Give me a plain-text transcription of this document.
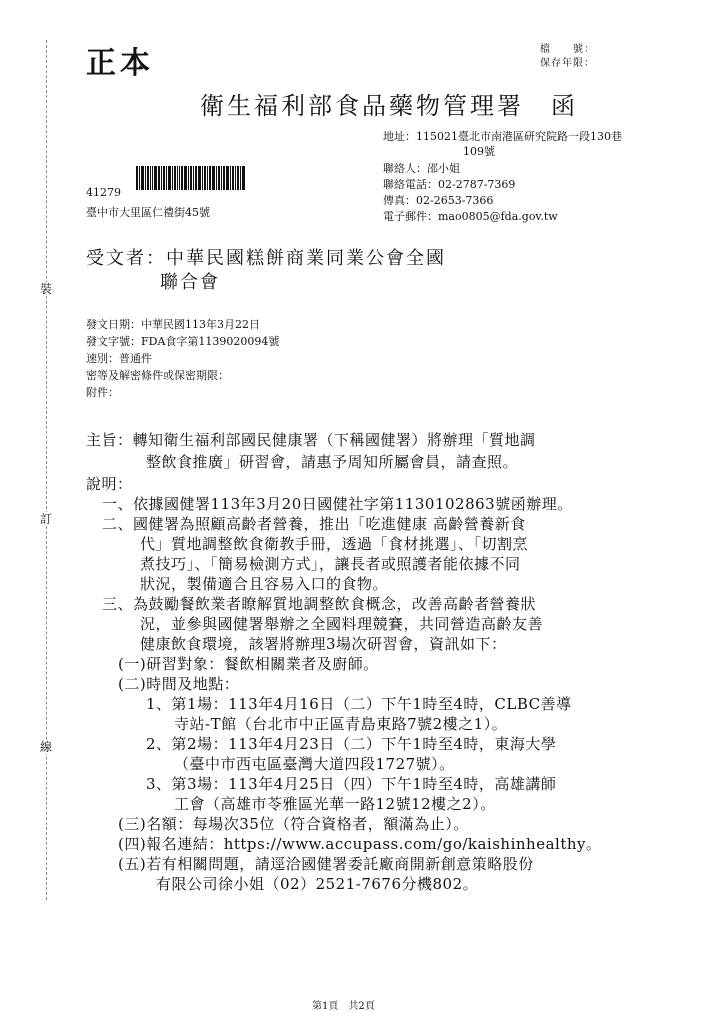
裝
訂
線
正本	檔　　號：
保存年限：
衛生福利部食品藥物管理署　函
地址：115021臺北市南港區研究院路一段130巷
109號
聯絡人：邵小姐
聯絡電話：02-2787-7369
傳真：02-2653-7366
電子郵件：mao0805@fda.gov.tw
41279
臺中市大里區仁禮街45號
受文者：中華民國糕餅商業同業公會全國
聯合會
發文日期：中華民國113年3月22日
發文字號：FDA食字第1139020094號
速別：普通件
密等及解密條件或保密期限：
附件：
主旨：轉知衛生福利部國民健康署（下稱國健署）將辦理「質地調
整飲食推廣」研習會，請惠予周知所屬會員，請查照。
說明：
一、依據國健署113年3月20日國健社字第1130102863號函辦理。
二、國健署為照顧高齡者營養，推出「吃進健康 高齡營養新食
代」質地調整飲食衛教手冊，透過「食材挑選」、「切割烹
煮技巧」、「簡易檢測方式」，讓長者或照護者能依據不同
狀況，製備適合且容易入口的食物。
三、為鼓勵餐飲業者瞭解質地調整飲食概念，改善高齡者營養狀
況，並參與國健署舉辦之全國料理競賽，共同營造高齡友善
健康飲食環境，該署將辦理3場次研習會，資訊如下：
(一)研習對象：餐飲相關業者及廚師。
(二)時間及地點：
1、第1場：113年4月16日（二）下午1時至4時，CLBC善導
寺站-T館（台北市中正區青島東路7號2樓之1）。
2、第2場：113年4月23日（二）下午1時至4時，東海大學
（臺中市西屯區臺灣大道四段1727號）。
3、第3場：113年4月25日（四）下午1時至4時，高雄講師
工會（高雄市苓雅區光華一路12號12樓之2）。
(三)名額：每場次35位（符合資格者，額滿為止）。
(四)報名連結：https://www.accupass.com/go/kaishinhealthy。
(五)若有相關問題，請逕洽國健署委託廠商開新創意策略股份
有限公司徐小姐（02）2521-7676分機802。
第1頁　共2頁
